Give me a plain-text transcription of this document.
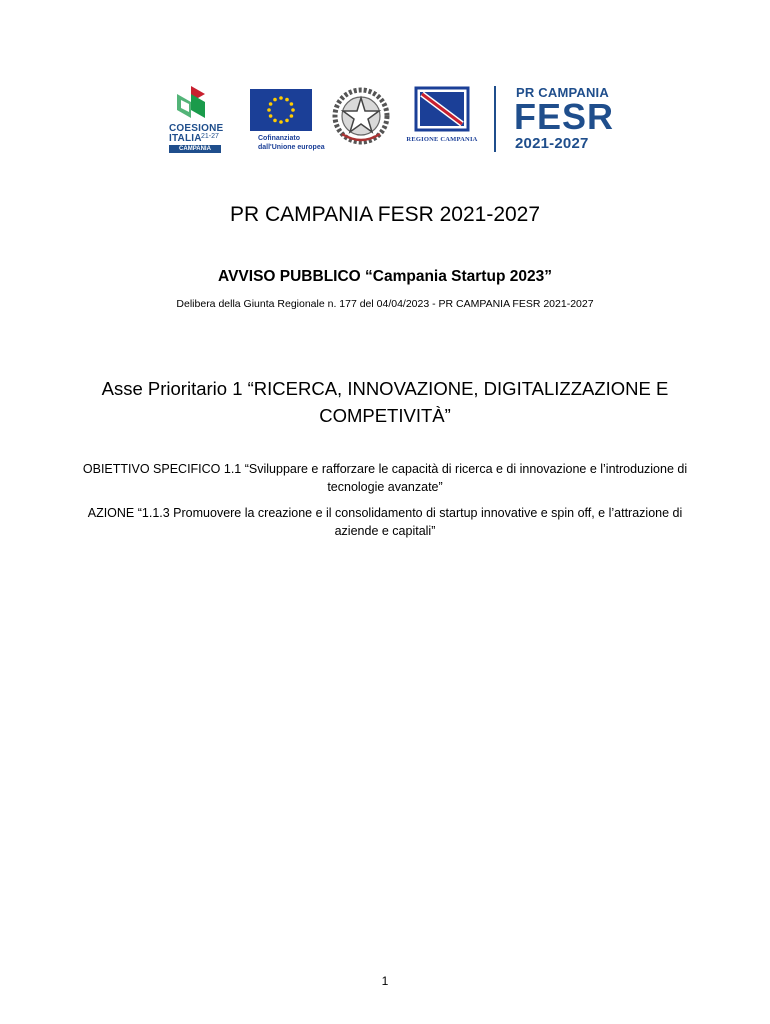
COESIONE
ITALIA 21-27
CAMPANIA
Cofinanziato
dall'Unione europea
REGIONE CAMPANIA
PR CAMPANIA
FESR
2021-2027
PR CAMPANIA FESR 2021-2027
AVVISO PUBBLICO “Campania Startup 2023”
Delibera della Giunta Regionale n. 177 del 04/04/2023 - PR CAMPANIA FESR 2021-2027
Asse Prioritario 1 “RICERCA, INNOVAZIONE, DIGITALIZZAZIONE E
COMPETIVITÀ”
OBIETTIVO SPECIFICO 1.1 “Sviluppare e rafforzare le capacità di ricerca e di innovazione e l’introduzione di
tecnologie avanzate”
AZIONE “1.1.3 Promuovere la creazione e il consolidamento di startup innovative e spin off, e l’attrazione di
aziende e capitali”
1
